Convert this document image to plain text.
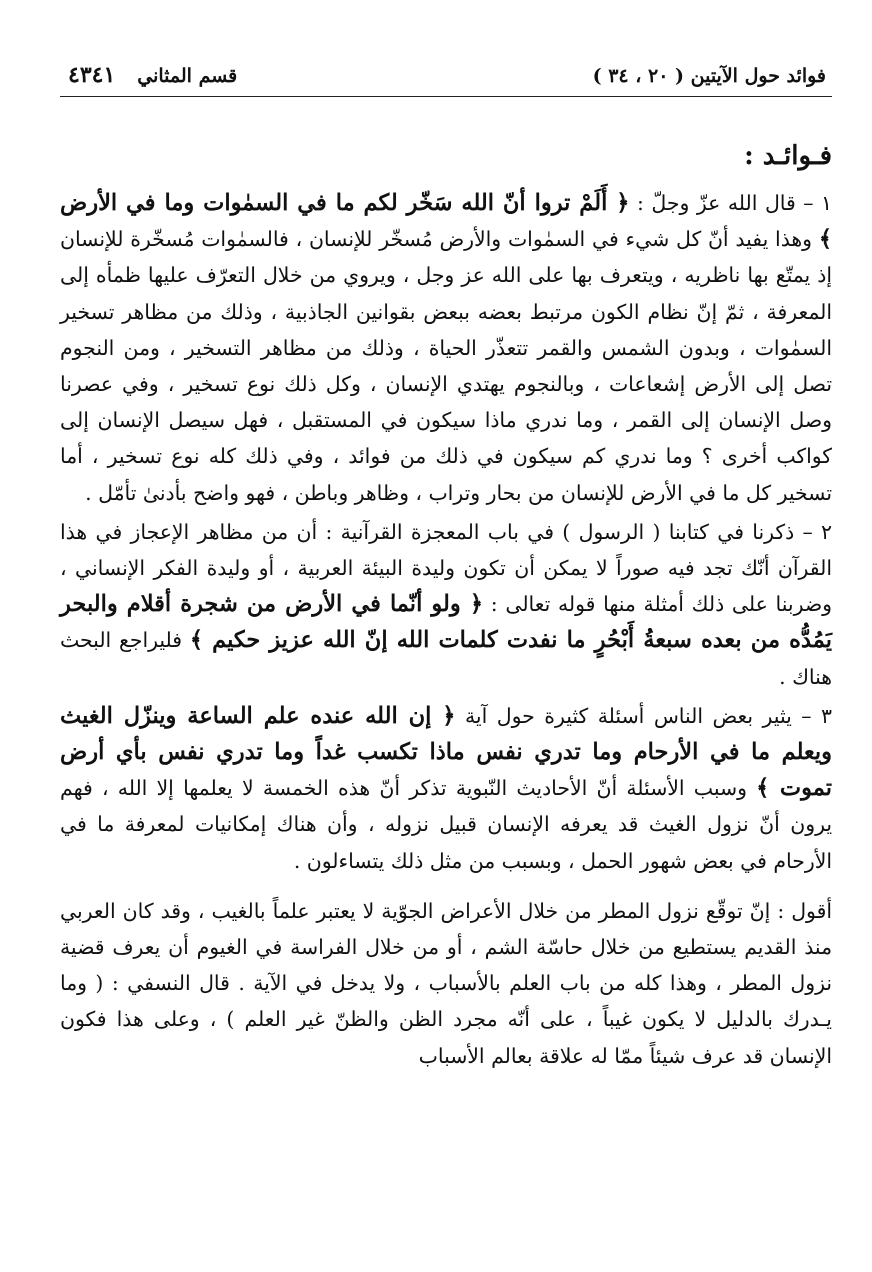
فوائد حول الآيتين ( ٢٠ ، ٣٤ )
قسم المثاني
٤٣٤١
فـوائـد :

١ – قال الله عزّ وجلّ : ﴿ أَلَمْ تروا أنّ الله سَخّر لكم ما في السمٰوات وما في الأرض ﴾ وهذا يفيد أنّ كل شيء في السمٰوات والأرض مُسخّر للإنسان ، فالسمٰوات مُسخّرة للإنسان إذ يمتّع بها ناظريه ، ويتعرف بها على الله عز وجل ، ويروي من خلال التعرّف عليها ظمأه إلى المعرفة ، ثمّ إنّ نظام الكون مرتبط بعضه ببعض بقوانين الجاذبية ، وذلك من مظاهر تسخير السمٰوات ، وبدون الشمس والقمر تتعذّر الحياة ، وذلك من مظاهر التسخير ، ومن النجوم تصل إلى الأرض إشعاعات ، وبالنجوم يهتدي الإنسان ، وكل ذلك نوع تسخير ، وفي عصرنا وصل الإنسان إلى القمر ، وما ندري ماذا سيكون في المستقبل ، فهل سيصل الإنسان إلى كواكب أخرى ؟ وما ندري كم سيكون في ذلك من فوائد ، وفي ذلك كله نوع تسخير ، أما تسخير كل ما في الأرض للإنسان من بحار وتراب ، وظاهر وباطن ، فهو واضح بأدنىٰ تأمّل .

٢ – ذكرنا في كتابنا ( الرسول ) في باب المعجزة القرآنية : أن من مظاهر الإعجاز في هذا القرآن أنّك تجد فيه صوراً لا يمكن أن تكون وليدة البيئة العربية ، أو وليدة الفكر الإنساني ، وضربنا على ذلك أمثلة منها قوله تعالى : ﴿ ولو أنّما في الأرض من شجرة أقلام والبحر يَمُدُّه من بعده سبعةُ أَبْحُرٍ ما نفدت كلمات الله إنّ الله عزيز حكيم ﴾ فليراجع البحث هناك .

٣ – يثير بعض الناس أسئلة كثيرة حول آية ﴿ إن الله عنده علم الساعة وينزّل الغيث ويعلم ما في الأرحام وما تدري نفس ماذا تكسب غداً وما تدري نفس بأي أرض تموت ﴾ وسبب الأسئلة أنّ الأحاديث النّبوية تذكر أنّ هذه الخمسة لا يعلمها إلا الله ، فهم يرون أنّ نزول الغيث قد يعرفه الإنسان قبيل نزوله ، وأن هناك إمكانيات لمعرفة ما في الأرحام في بعض شهور الحمل ، وبسبب من مثل ذلك يتساءلون .

أقول : إنّ توقّع نزول المطر من خلال الأعراض الجوّية لا يعتبر علماً بالغيب ، وقد كان العربي منذ القديم يستطيع من خلال حاسّة الشم ، أو من خلال الفراسة في الغيوم أن يعرف قضية نزول المطر ، وهذا كله من باب العلم بالأسباب ، ولا يدخل في الآية . قال النسفي : ( وما يـدرك بالدليل لا يكون غيباً ، على أنّه مجرد الظن والظنّ غير العلم ) ، وعلى هذا فكون الإنسان قد عرف شيئاً ممّا له علاقة بعالم الأسباب
